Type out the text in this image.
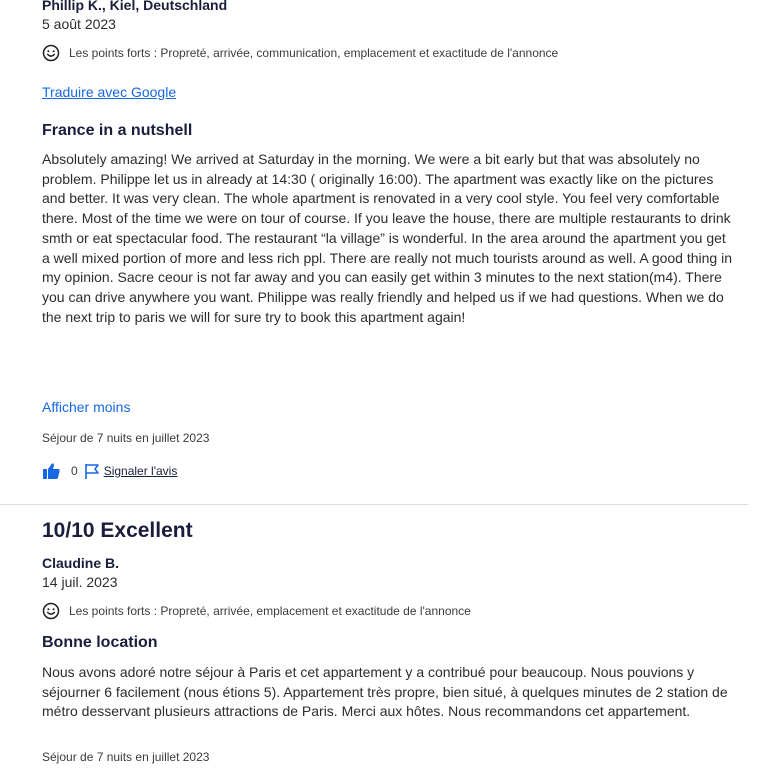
Phillip K., Kiel, Deutschland
5 août 2023
Les points forts : Propreté, arrivée, communication, emplacement et exactitude de l'annonce
Traduire avec Google
France in a nutshell
Absolutely amazing! We arrived at Saturday in the morning. We were a bit early but that was absolutely no problem. Philippe let us in already at 14:30 ( originally 16:00). The apartment was exactly like on the pictures and better. It was very clean. The whole apartment is renovated in a very cool style. You feel very comfortable there. Most of the time we were on tour of course. If you leave the house, there are multiple restaurants to drink smth or eat spectacular food. The restaurant “la village” is wonderful. In the area around the apartment you get a well mixed portion of more and less rich ppl. There are really not much tourists around as well. A good thing in my opinion. Sacre ceour is not far away and you can easily get within 3 minutes to the next station(m4). There you can drive anywhere you want. Philippe was really friendly and helped us if we had questions. When we do the next trip to paris we will for sure try to book this apartment again!
Afficher moins
Séjour de 7 nuits en juillet 2023
0 Signaler l'avis
10/10 Excellent
Claudine B.
14 juil. 2023
Les points forts : Propreté, arrivée, emplacement et exactitude de l'annonce
Bonne location
Nous avons adoré notre séjour à Paris et cet appartement y a contribué pour beaucoup. Nous pouvions y séjourner 6 facilement (nous étions 5). Appartement très propre, bien situé, à quelques minutes de 2 station de métro desservant plusieurs attractions de Paris. Merci aux hôtes. Nous recommandons cet appartement.
Séjour de 7 nuits en juillet 2023
